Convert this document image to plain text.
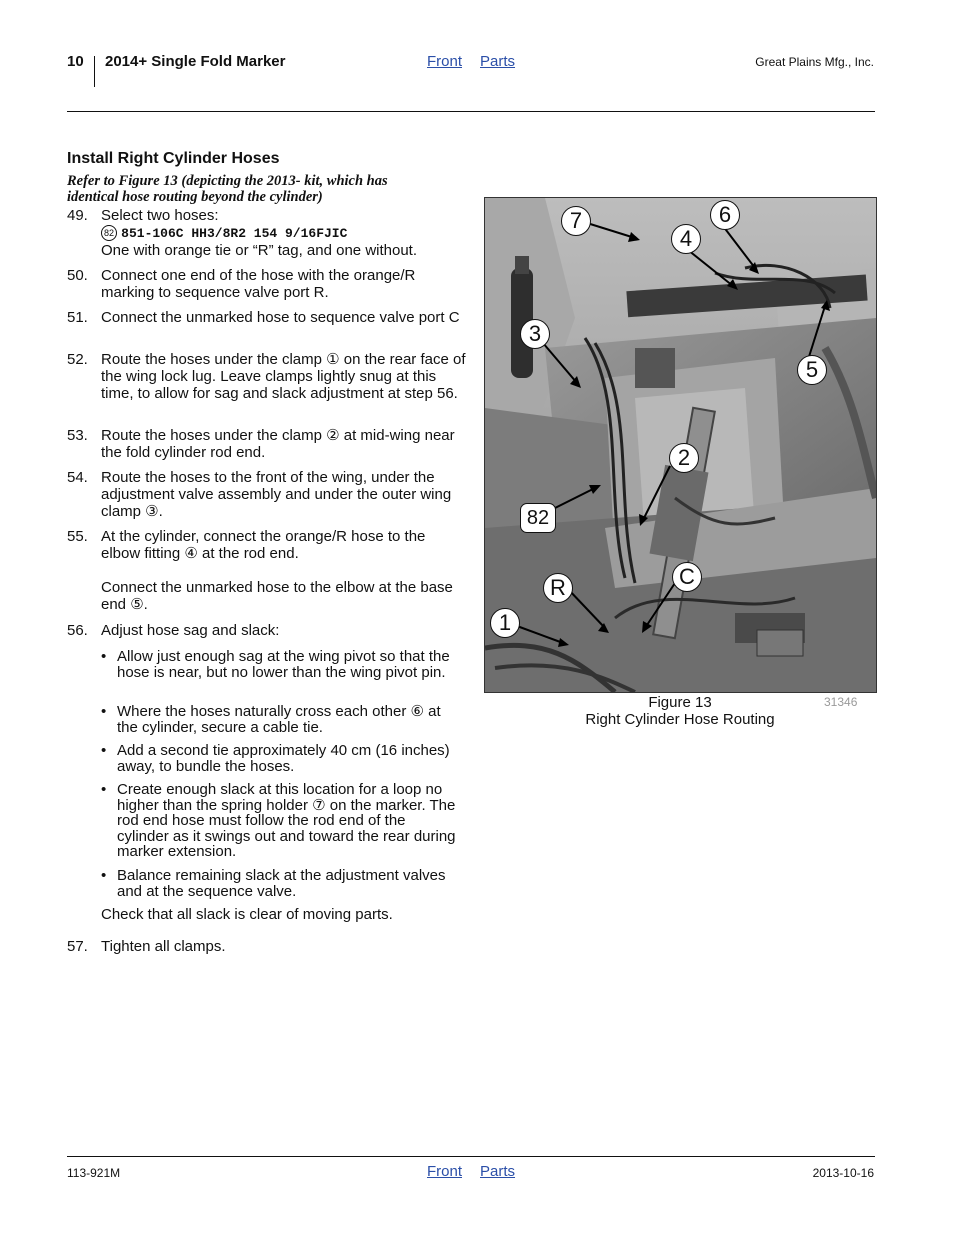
10 2014+ Single Fold Marker	Front Parts	Great Plains Mfg., Inc.
Install Right Cylinder Hoses
Refer to Figure 13 (depicting the 2013- kit, which has identical hose routing beyond the cylinder)
49. Select two hoses:
82 851-106C HH3/8R2 154 9/16FJIC
One with orange tie or “R” tag, and one without.
50. Connect one end of the hose with the orange/R marking to sequence valve port R.
51. Connect the unmarked hose to sequence valve port C
52. Route the hoses under the clamp ① on the rear face of the wing lock lug. Leave clamps lightly snug at this time, to allow for sag and slack adjustment at step 56.
53. Route the hoses under the clamp ② at mid-wing near the fold cylinder rod end.
54. Route the hoses to the front of the wing, under the adjustment valve assembly and under the outer wing clamp ③.
55. At the cylinder, connect the orange/R hose to the elbow fitting ④ at the rod end.
Connect the unmarked hose to the elbow at the base end ⑤.
56. Adjust hose sag and slack:
• Allow just enough sag at the wing pivot so that the hose is near, but no lower than the wing pivot pin.
• Where the hoses naturally cross each other ⑥ at the cylinder, secure a cable tie.
• Add a second tie approximately 40 cm (16 inches) away, to bundle the hoses.
• Create enough slack at this location for a loop no higher than the spring holder ⑦ on the marker. The rod end hose must follow the rod end of the cylinder as it swings out and toward the rear during marker extension.
• Balance remaining slack at the adjustment valves and at the sequence valve.
Check that all slack is clear of moving parts.
57. Tighten all clamps.
7	6
4
3
5
2
82
C
R
1
Figure 13
Right Cylinder Hose Routing
31346
113-921M	Front Parts	2013-10-16
